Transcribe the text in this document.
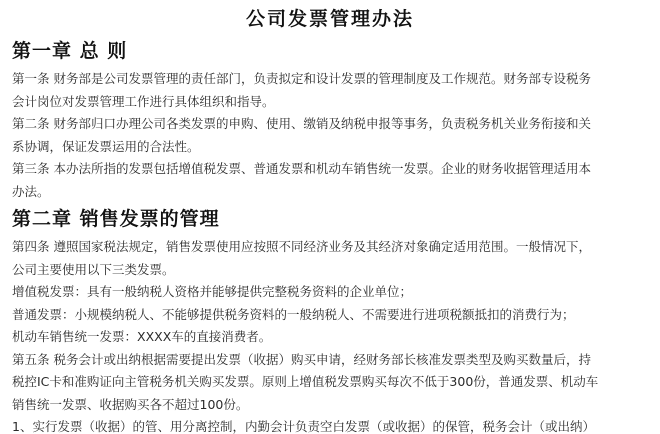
公司发票管理办法
第一章 总 则
第一条 财务部是公司发票管理的责任部门，负责拟定和设计发票的管理制度及工作规范。财务部专设税务
会计岗位对发票管理工作进行具体组织和指导。
第二条 财务部归口办理公司各类发票的申购、使用、缴销及纳税申报等事务，负责税务机关业务衔接和关
系协调，保证发票运用的合法性。
第三条 本办法所指的发票包括增值税发票、普通发票和机动车销售统一发票。企业的财务收据管理适用本
办法。
第二章 销售发票的管理
第四条 遵照国家税法规定，销售发票使用应按照不同经济业务及其经济对象确定适用范围。一般情况下，
公司主要使用以下三类发票。
增值税发票：具有一般纳税人资格并能够提供完整税务资料的企业单位；
普通发票：小规模纳税人、不能够提供税务资料的一般纳税人、不需要进行进项税额抵扣的消费行为；
机动车销售统一发票：XXXX车的直接消费者。
第五条 税务会计或出纳根据需要提出发票（收据）购买申请，经财务部长核准发票类型及购买数量后，持
税控IC卡和准购证向主管税务机关购买发票。原则上增值税发票购买每次不低于300份，普通发票、机动车
销售统一发票、收据购买各不超过100份。
1、实行发票（收据）的管、用分离控制，内勤会计负责空白发票（或收据）的保管，税务会计（或出纳）
